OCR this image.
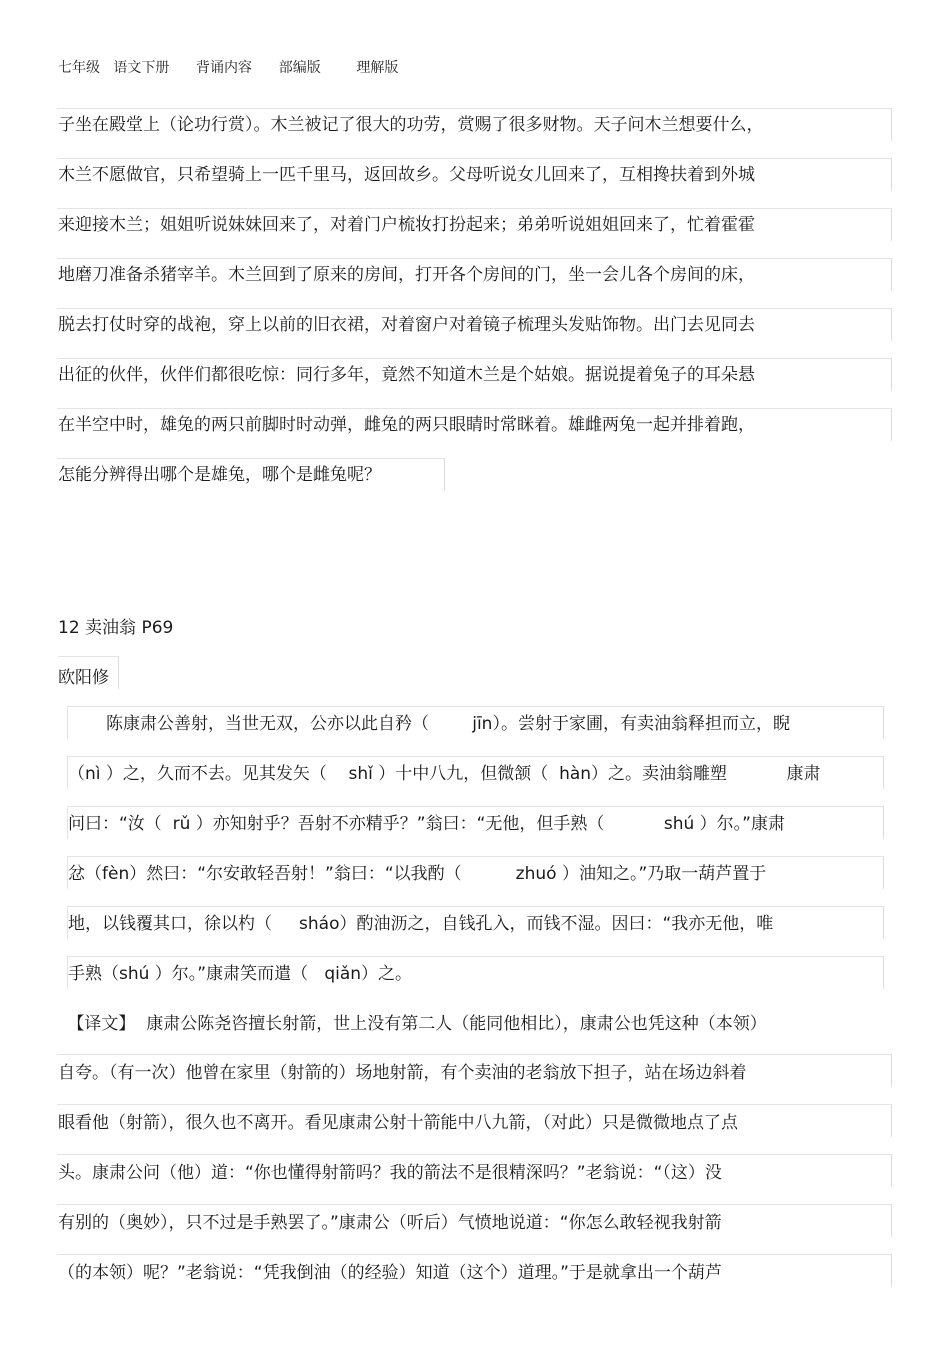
七年级   语文下册      背诵内容      部编版        理解版
子坐在殿堂上（论功行赏）。木兰被记了很大的功劳，赏赐了很多财物。天子问木兰想要什么，
木兰不愿做官，只希望骑上一匹千里马，返回故乡。父母听说女儿回来了，互相搀扶着到外城
来迎接木兰；姐姐听说妹妹回来了，对着门户梳妆打扮起来；弟弟听说姐姐回来了，忙着霍霍
地磨刀准备杀猪宰羊。木兰回到了原来的房间，打开各个房间的门，坐一会儿各个房间的床，
脱去打仗时穿的战袍，穿上以前的旧衣裙，对着窗户对着镜子梳理头发贴饰物。出门去见同去
出征的伙伴，伙伴们都很吃惊：同行多年，竟然不知道木兰是个姑娘。据说提着兔子的耳朵悬
在半空中时，雄兔的两只前脚时时动弹，雌兔的两只眼睛时常眯着。雄雌两兔一起并排着跑，
怎能分辨得出哪个是雄兔，哪个是雌兔呢？
12 卖油翁 P69
欧阳修
陈康肃公善射，当世无双，公亦以此自矜（        jīn）。尝射于家圃，有卖油翁释担而立，睨
（nì ）之，久而不去。见其发矢（    shǐ ）十中八九，但微颔（  hàn）之。卖油翁雕塑           康肃
问曰：“汝（  rǔ ）亦知射乎？吾射不亦精乎？”翁曰：“无他，但手熟（           shú ）尔。”康肃
忿（fèn）然曰：“尔安敢轻吾射！”翁曰：“以我酌（          zhuó ）油知之。”乃取一葫芦置于
地，以钱覆其口，徐以杓（     sháo）酌油沥之，自钱孔入，而钱不湿。因曰：“我亦无他，唯
手熟（shú ）尔。”康肃笑而遣（   qiǎn）之。
【译文】  康肃公陈尧咨擅长射箭，世上没有第二人（能同他相比），康肃公也凭这种（本领）
自夸。（有一次）他曾在家里（射箭的）场地射箭，有个卖油的老翁放下担子，站在场边斜着
眼看他（射箭），很久也不离开。看见康肃公射十箭能中八九箭，（对此）只是微微地点了点
头。康肃公问（他）道：“你也懂得射箭吗？我的箭法不是很精深吗？”老翁说：“（这）没
有别的（奥妙），只不过是手熟罢了。”康肃公（听后）气愤地说道：“你怎么敢轻视我射箭
（的本领）呢？”老翁说：“凭我倒油（的经验）知道（这个）道理。”于是就拿出一个葫芦
